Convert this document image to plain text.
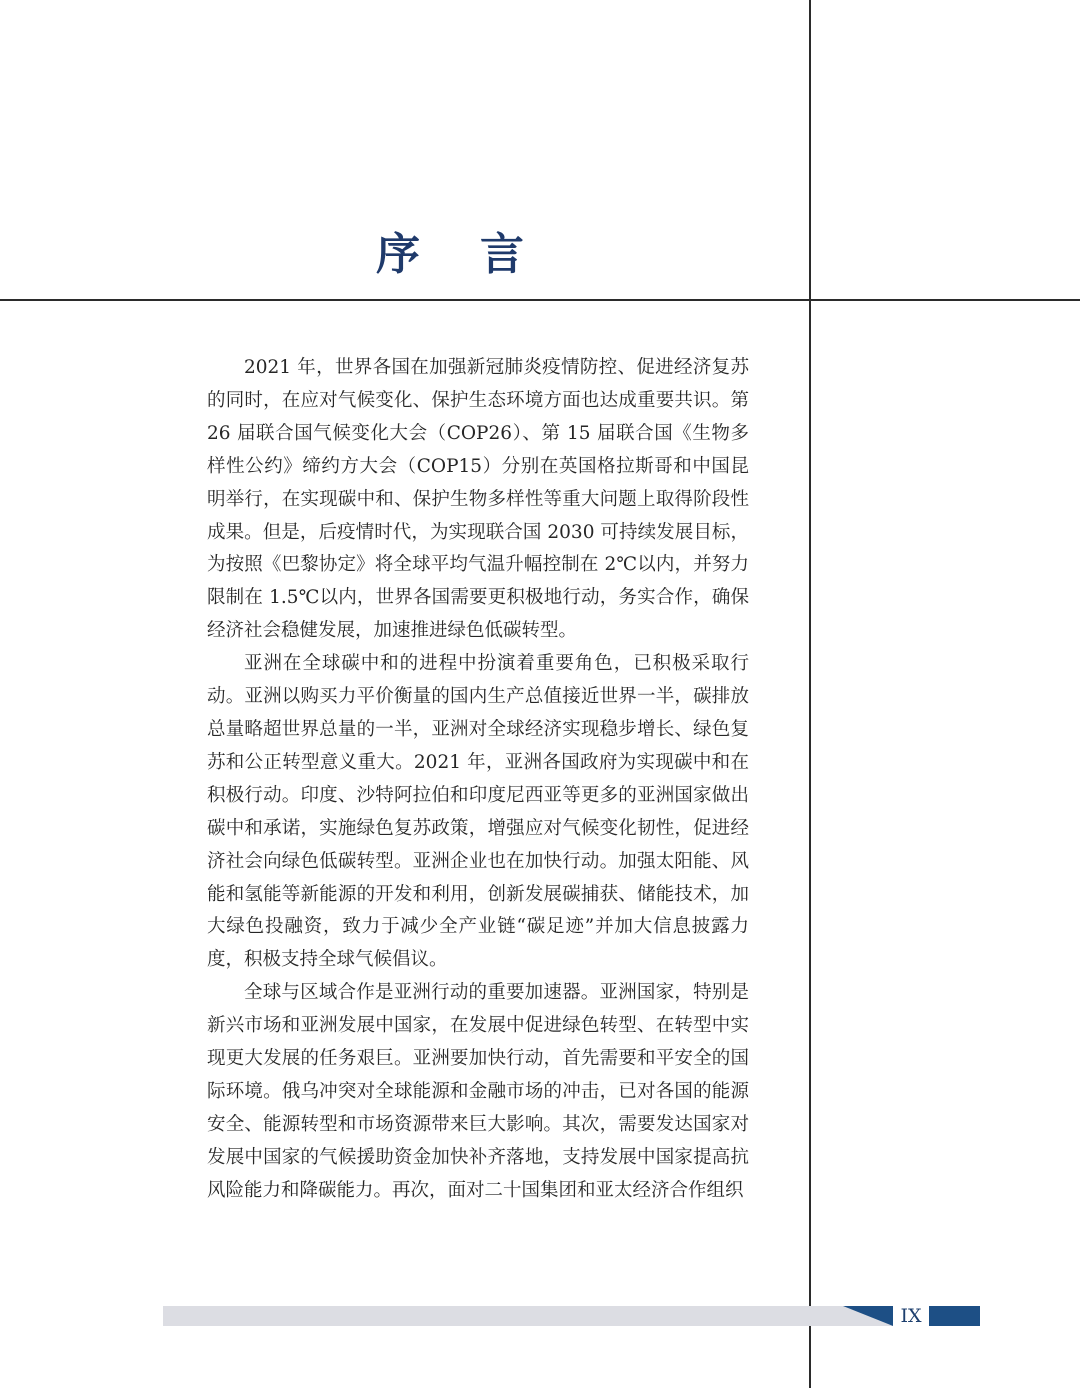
序言

2021 年，世界各国在加强新冠肺炎疫情防控、促进经济复苏的同时，在应对气候变化、保护生态环境方面也达成重要共识。第 26 届联合国气候变化大会（COP26）、第 15 届联合国《生物多样性公约》缔约方大会（COP15）分别在英国格拉斯哥和中国昆明举行，在实现碳中和、保护生物多样性等重大问题上取得阶段性成果。但是，后疫情时代，为实现联合国 2030 可持续发展目标，为按照《巴黎协定》将全球平均气温升幅控制在 2℃以内，并努力限制在 1.5℃以内，世界各国需要更积极地行动，务实合作，确保经济社会稳健发展，加速推进绿色低碳转型。

亚洲在全球碳中和的进程中扮演着重要角色，已积极采取行动。亚洲以购买力平价衡量的国内生产总值接近世界一半，碳排放总量略超世界总量的一半，亚洲对全球经济实现稳步增长、绿色复苏和公正转型意义重大。2021 年，亚洲各国政府为实现碳中和在积极行动。印度、沙特阿拉伯和印度尼西亚等更多的亚洲国家做出碳中和承诺，实施绿色复苏政策，增强应对气候变化韧性，促进经济社会向绿色低碳转型。亚洲企业也在加快行动。加强太阳能、风能和氢能等新能源的开发和利用，创新发展碳捕获、储能技术，加大绿色投融资，致力于减少全产业链“碳足迹”并加大信息披露力度，积极支持全球气候倡议。

全球与区域合作是亚洲行动的重要加速器。亚洲国家，特别是新兴市场和亚洲发展中国家，在发展中促进绿色转型、在转型中实现更大发展的任务艰巨。亚洲要加快行动，首先需要和平安全的国际环境。俄乌冲突对全球能源和金融市场的冲击，已对各国的能源安全、能源转型和市场资源带来巨大影响。其次，需要发达国家对发展中国家的气候援助资金加快补齐落地，支持发展中国家提高抗风险能力和降碳能力。再次，面对二十国集团和亚太经济合作组织

IX
